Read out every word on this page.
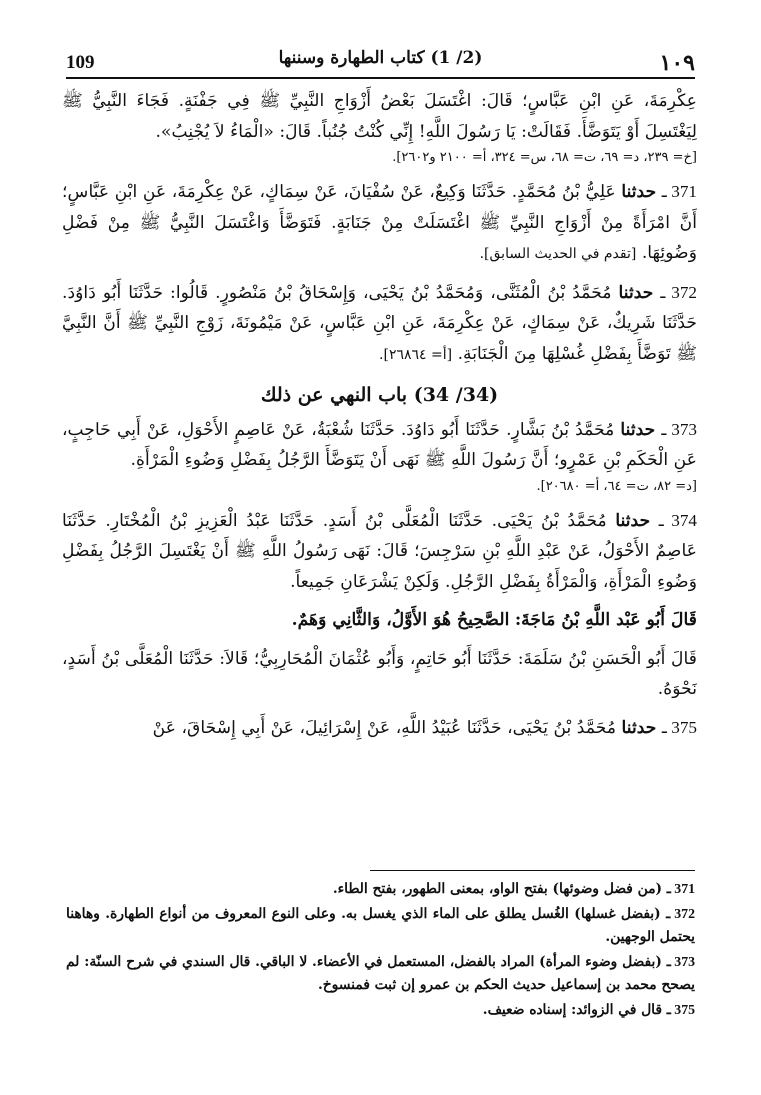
109	(2/ 1) كتاب الطهارة وسننها	١٠٩

عِكْرِمَةَ، عَنِ ابْنِ عَبَّاسٍ؛ قَالَ: اغْتَسَلَ بَعْضُ أَزْوَاجِ النَّبِيِّ ﷺ فِي جَفْنَةٍ. فَجَاءَ النَّبِيُّ ﷺ لِيَغْتَسِلَ أَوْ يَتَوَضَّأَ. فَقَالَتْ: يَا رَسُولَ اللَّهِ! إِنِّي كُنْتُ جُنُباً. قَالَ: «الْمَاءُ لاَ يُجْنِبُ».
[خ= ٢٣٩، د= ٦٩، ت= ٦٨، س= ٣٢٤، أ= ٢١٠٠ و٢٦٠٢].

371 ـ حدثنا عَلِيُّ بْنُ مُحَمَّدٍ. حَدَّثَنَا وَكِيعٌ، عَنْ سُفْيَانَ، عَنْ سِمَاكٍ، عَنْ عِكْرِمَةَ، عَنِ ابْنِ عَبَّاسٍ؛ أَنَّ امْرَأَةً مِنْ أَزْوَاجِ النَّبِيِّ ﷺ اغْتَسَلَتْ مِنْ جَنَابَةٍ. فَتَوَضَّأَ وَاغْتَسَلَ النَّبِيُّ ﷺ مِنْ فَضْلِ وَضُوئِهَا. [تقدم في الحديث السابق].

372 ـ حدثنا مُحَمَّدُ بْنُ الْمُثَنَّى، وَمُحَمَّدُ بْنُ يَحْيَى، وَإِسْحَاقُ بْنُ مَنْصُورٍ. قَالُوا: حَدَّثَنَا أَبُو دَاوُدَ. حَدَّثَنَا شَرِيكٌ، عَنْ سِمَاكٍ، عَنْ عِكْرِمَةَ، عَنِ ابْنِ عَبَّاسٍ، عَنْ مَيْمُونَةَ، زَوْجِ النَّبِيِّ ﷺ أَنَّ النَّبِيَّ ﷺ تَوَضَّأَ بِفَضْلِ غُسْلِهَا مِنَ الْجَنَابَةِ. [أ= ٢٦٨٦٤].

(34/ 34) باب النهي عن ذلك

373 ـ حدثنا مُحَمَّدُ بْنُ بَشَّارٍ. حَدَّثَنَا أَبُو دَاوُدَ. حَدَّثَنَا شُعْبَةُ، عَنْ عَاصِمٍ الأَحْوَلِ، عَنْ أَبِي حَاجِبٍ، عَنِ الْحَكَمِ بْنِ عَمْرٍو؛ أَنَّ رَسُولَ اللَّهِ ﷺ نَهَى أَنْ يَتَوَضَّأَ الرَّجُلُ بِفَضْلِ وَضُوءِ الْمَرْأَةِ.
[د= ٨٢، ت= ٦٤، أ= ٢٠٦٨٠].

374 ـ حدثنا مُحَمَّدُ بْنُ يَحْيَى. حَدَّثَنَا الْمُعَلَّى بْنُ أَسَدٍ. حَدَّثَنَا عَبْدُ الْعَزِيزِ بْنُ الْمُخْتَارِ. حَدَّثَنَا عَاصِمٌ الأَحْوَلُ، عَنْ عَبْدِ اللَّهِ بْنِ سَرْجِسَ؛ قَالَ: نَهَى رَسُولُ اللَّهِ ﷺ أَنْ يَغْتَسِلَ الرَّجُلُ بِفَضْلِ وَضُوءِ الْمَرْأَةِ، وَالْمَرْأَةُ بِفَضْلِ الرَّجُلِ. وَلَكِنْ يَشْرَعَانِ جَمِيعاً.

قَالَ أَبُو عَبْد اللَّهِ بْنُ مَاجَةَ: الصَّحِيحُ هُوَ الأَوَّلُ، وَالثَّانِي وَهَمٌ.

قَالَ أَبُو الْحَسَنِ بْنُ سَلَمَةَ: حَدَّثَنَا أَبُو حَاتِمٍ، وَأَبُو عُثْمَانَ الْمُحَارِبِيُّ؛ قَالاَ: حَدَّثَنَا الْمُعَلَّى بْنُ أَسَدٍ، نَحْوَهُ.

375 ـ حدثنا مُحَمَّدُ بْنُ يَحْيَى، حَدَّثَنَا عُبَيْدُ اللَّهِ، عَنْ إِسْرَائِيلَ، عَنْ أَبِي إِسْحَاقَ، عَنْ

371 ـ (من فضل وضوئها) بفتح الواو، بمعنى الطهور، بفتح الطاء.

372 ـ (بفضل غسلها) الغُسل يطلق على الماء الذي يغسل به. وعلى النوع المعروف من أنواع الطهارة. وهاهنا يحتمل الوجهين.

373 ـ (بفضل وضوء المرأة) المراد بالفضل، المستعمل في الأعضاء. لا الباقي. قال السندي في شرح السنّة: لم يصحح محمد بن إسماعيل حديث الحكم بن عمرو إن ثبت فمنسوخ.

375 ـ قال في الزوائد: إسناده ضعيف.
